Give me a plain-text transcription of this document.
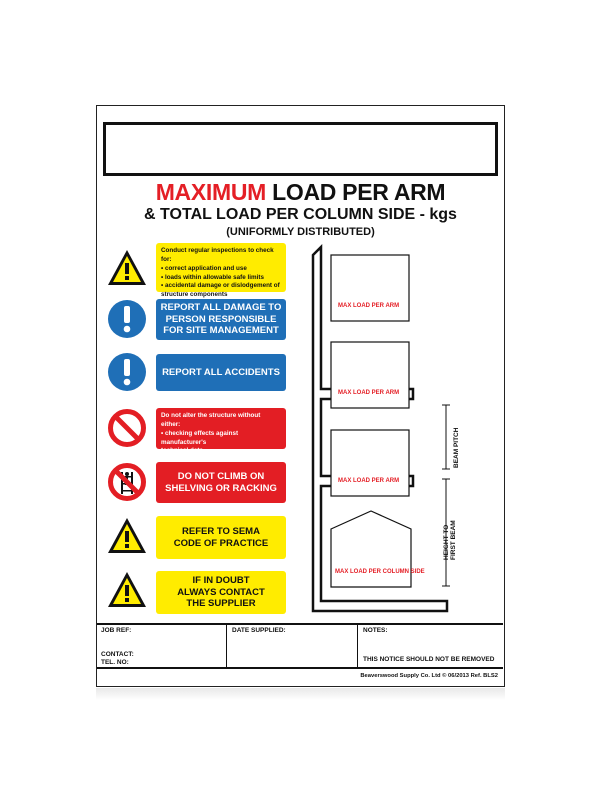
MAXIMUM LOAD PER ARM
& TOTAL LOAD PER COLUMN SIDE - kgs
(UNIFORMLY DISTRIBUTED)
Conduct regular inspections to check for:
• correct application and use
• loads within allowable safe limits
• accidental damage or dislodgement of
structure components
REPORT ALL DAMAGE TO
PERSON RESPONSIBLE
FOR SITE MANAGEMENT
REPORT ALL ACCIDENTS
Do not alter the structure without either:
• checking effects against manufacturer's
technical data
• obtaining approval from supplier
DO NOT CLIMB ON
SHELVING OR RACKING
REFER TO SEMA
CODE OF PRACTICE
IF IN DOUBT
ALWAYS CONTACT
THE SUPPLIER
MAX LOAD PER ARM
MAX LOAD PER ARM
MAX LOAD PER ARM
MAX LOAD PER COLUMN SIDE
BEAM PITCH
HEIGHT TO FIRST BEAM
JOB REF:
CONTACT:
TEL. NO:
DATE SUPPLIED:	NOTES:
THIS NOTICE SHOULD NOT BE REMOVED
Beaverswood Supply Co. Ltd © 06/2013 Ref. BLS2
